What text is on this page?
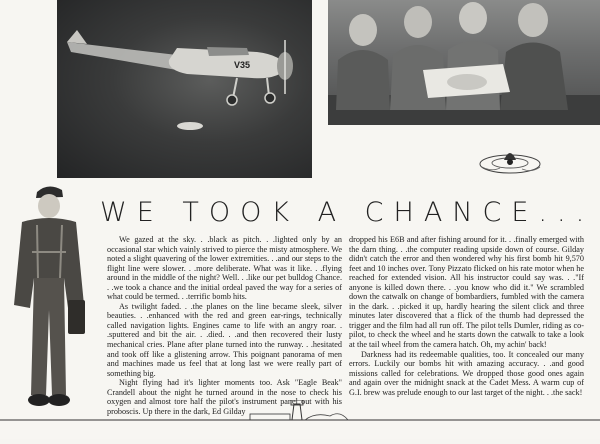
V35
WE TOOK A CHANCE...

We gazed at the sky. . .black as pitch. . .lighted only by an occasional star which vainly strived to pierce the misty atmosphere. We noted a slight quavering of the lower extremities. . .and our steps to the flight line were slower. . .more deliberate. What was it like. . .flying around in the middle of the night? Well. . .like our pet bulldog Chance. . .we took a chance and the initial ordeal paved the way for a series of what could be termed. . .terrific bomb hits.

As twilight faded. . .the planes on the line became sleek, silver beauties. . .enhanced with the red and green ear-rings, technically called navigation lights. Engines came to life with an angry roar. . .sputtered and bit the air. . .died. . .and then recovered their lusty mechanical cries. Plane after plane turned into the runway. . .hesitated and took off like a glistening arrow. This poignant panorama of men and machines made us feel that at long last we were really part of something big.

Night flying had it's lighter moments too. Ask "Eagle Beak" Crandell about the night he turned around in the nose to check his oxygen and almost tore half the pilot's instrument panel out with his proboscis. Up there in the dark, Ed Gilday

dropped his E6B and after fishing around for it. . .finally emerged with the darn thing. . .the computer reading upside down of course. Gilday didn't catch the error and then wondered why his first bomb hit 9,570 feet and 10 inches over. Tony Pizzato flicked on his rate motor when he reached for extended vision. All his instructor could say was. . ."If anyone is killed down there. . .you know who did it." We scrambled down the catwalk on change of bombardiers, fumbled with the camera in the dark. . .picked it up, hardly hearing the silent click and three minutes later discovered that a flick of the thumb had depressed the trigger and the film had all run off. The pilot tells Dumler, riding as co-pilot, to check the wheel and he starts down the catwalk to take a look at the tail wheel from the camera hatch. Oh, my achin' back!

Darkness had its redeemable qualities, too. It concealed our many errors. Luckily our bombs hit with amazing accuracy. . .and good missions called for celebrations. We dropped those good ones again and again over the midnight snack at the Cadet Mess. A warm cup of G.I. brew was prelude enough to our last target of the night. . .the sack!
